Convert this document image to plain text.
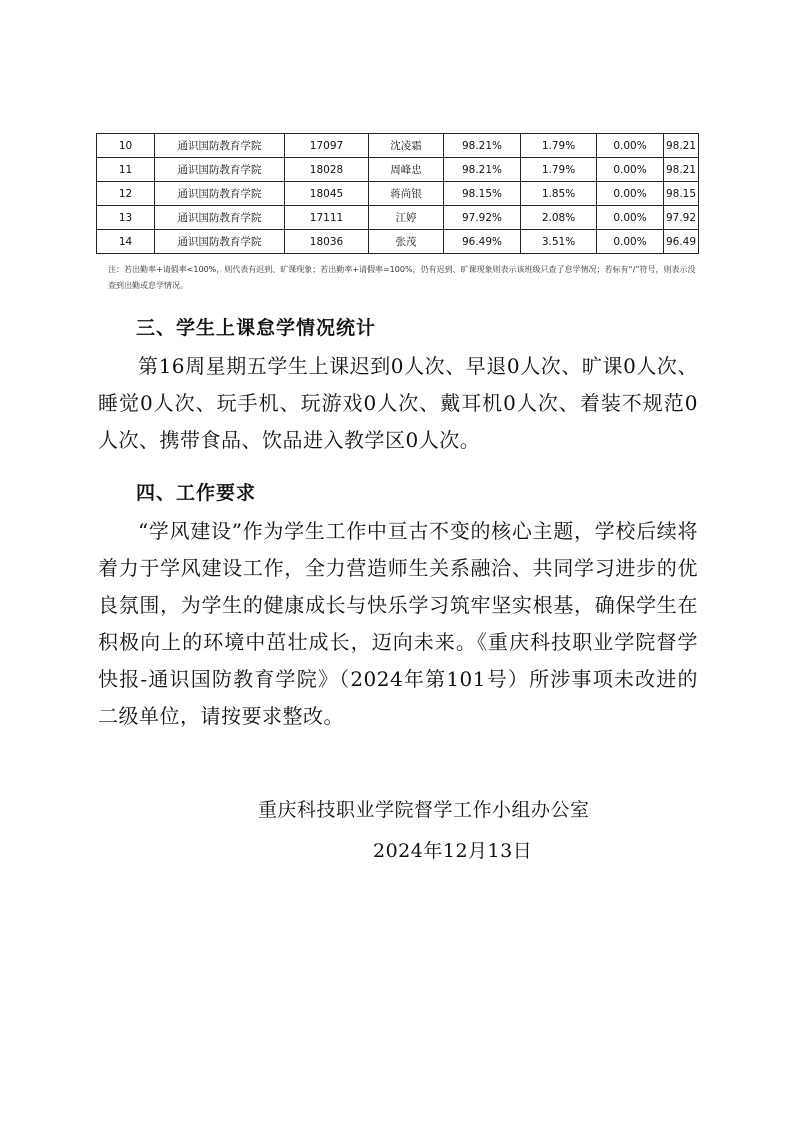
10	通识国防教育学院	17097	沈凌霜	98.21%	1.79%	0.00%	98.21
11	通识国防教育学院	18028	周峰忠	98.21%	1.79%	0.00%	98.21
12	通识国防教育学院	18045	蒋尚银	98.15%	1.85%	0.00%	98.15
13	通识国防教育学院	17111	江婷	97.92%	2.08%	0.00%	97.92
14	通识国防教育学院	18036	张茂	96.49%	3.51%	0.00%	96.49
注：若出勤率+请假率<100%，则代表有迟到、旷课现象；若出勤率+请假率=100%，仍有迟到、旷课现象则表示该班级只查了怠学情况；若标有“/”符号，则表示没查到出勤或怠学情况。
三、学生上课怠学情况统计
第16周星期五学生上课迟到0人次、早退0人次、旷课0人次、睡觉0人次、玩手机、玩游戏0人次、戴耳机0人次、着装不规范0人次、携带食品、饮品进入教学区0人次。
四、工作要求
“学风建设”作为学生工作中亘古不变的核心主题，学校后续将着力于学风建设工作，全力营造师生关系融洽、共同学习进步的优良氛围，为学生的健康成长与快乐学习筑牢坚实根基，确保学生在积极向上的环境中茁壮成长，迈向未来。《重庆科技职业学院督学快报-通识国防教育学院》（2024年第101号）所涉事项未改进的二级单位，请按要求整改。
重庆科技职业学院督学工作小组办公室
2024年12月13日
